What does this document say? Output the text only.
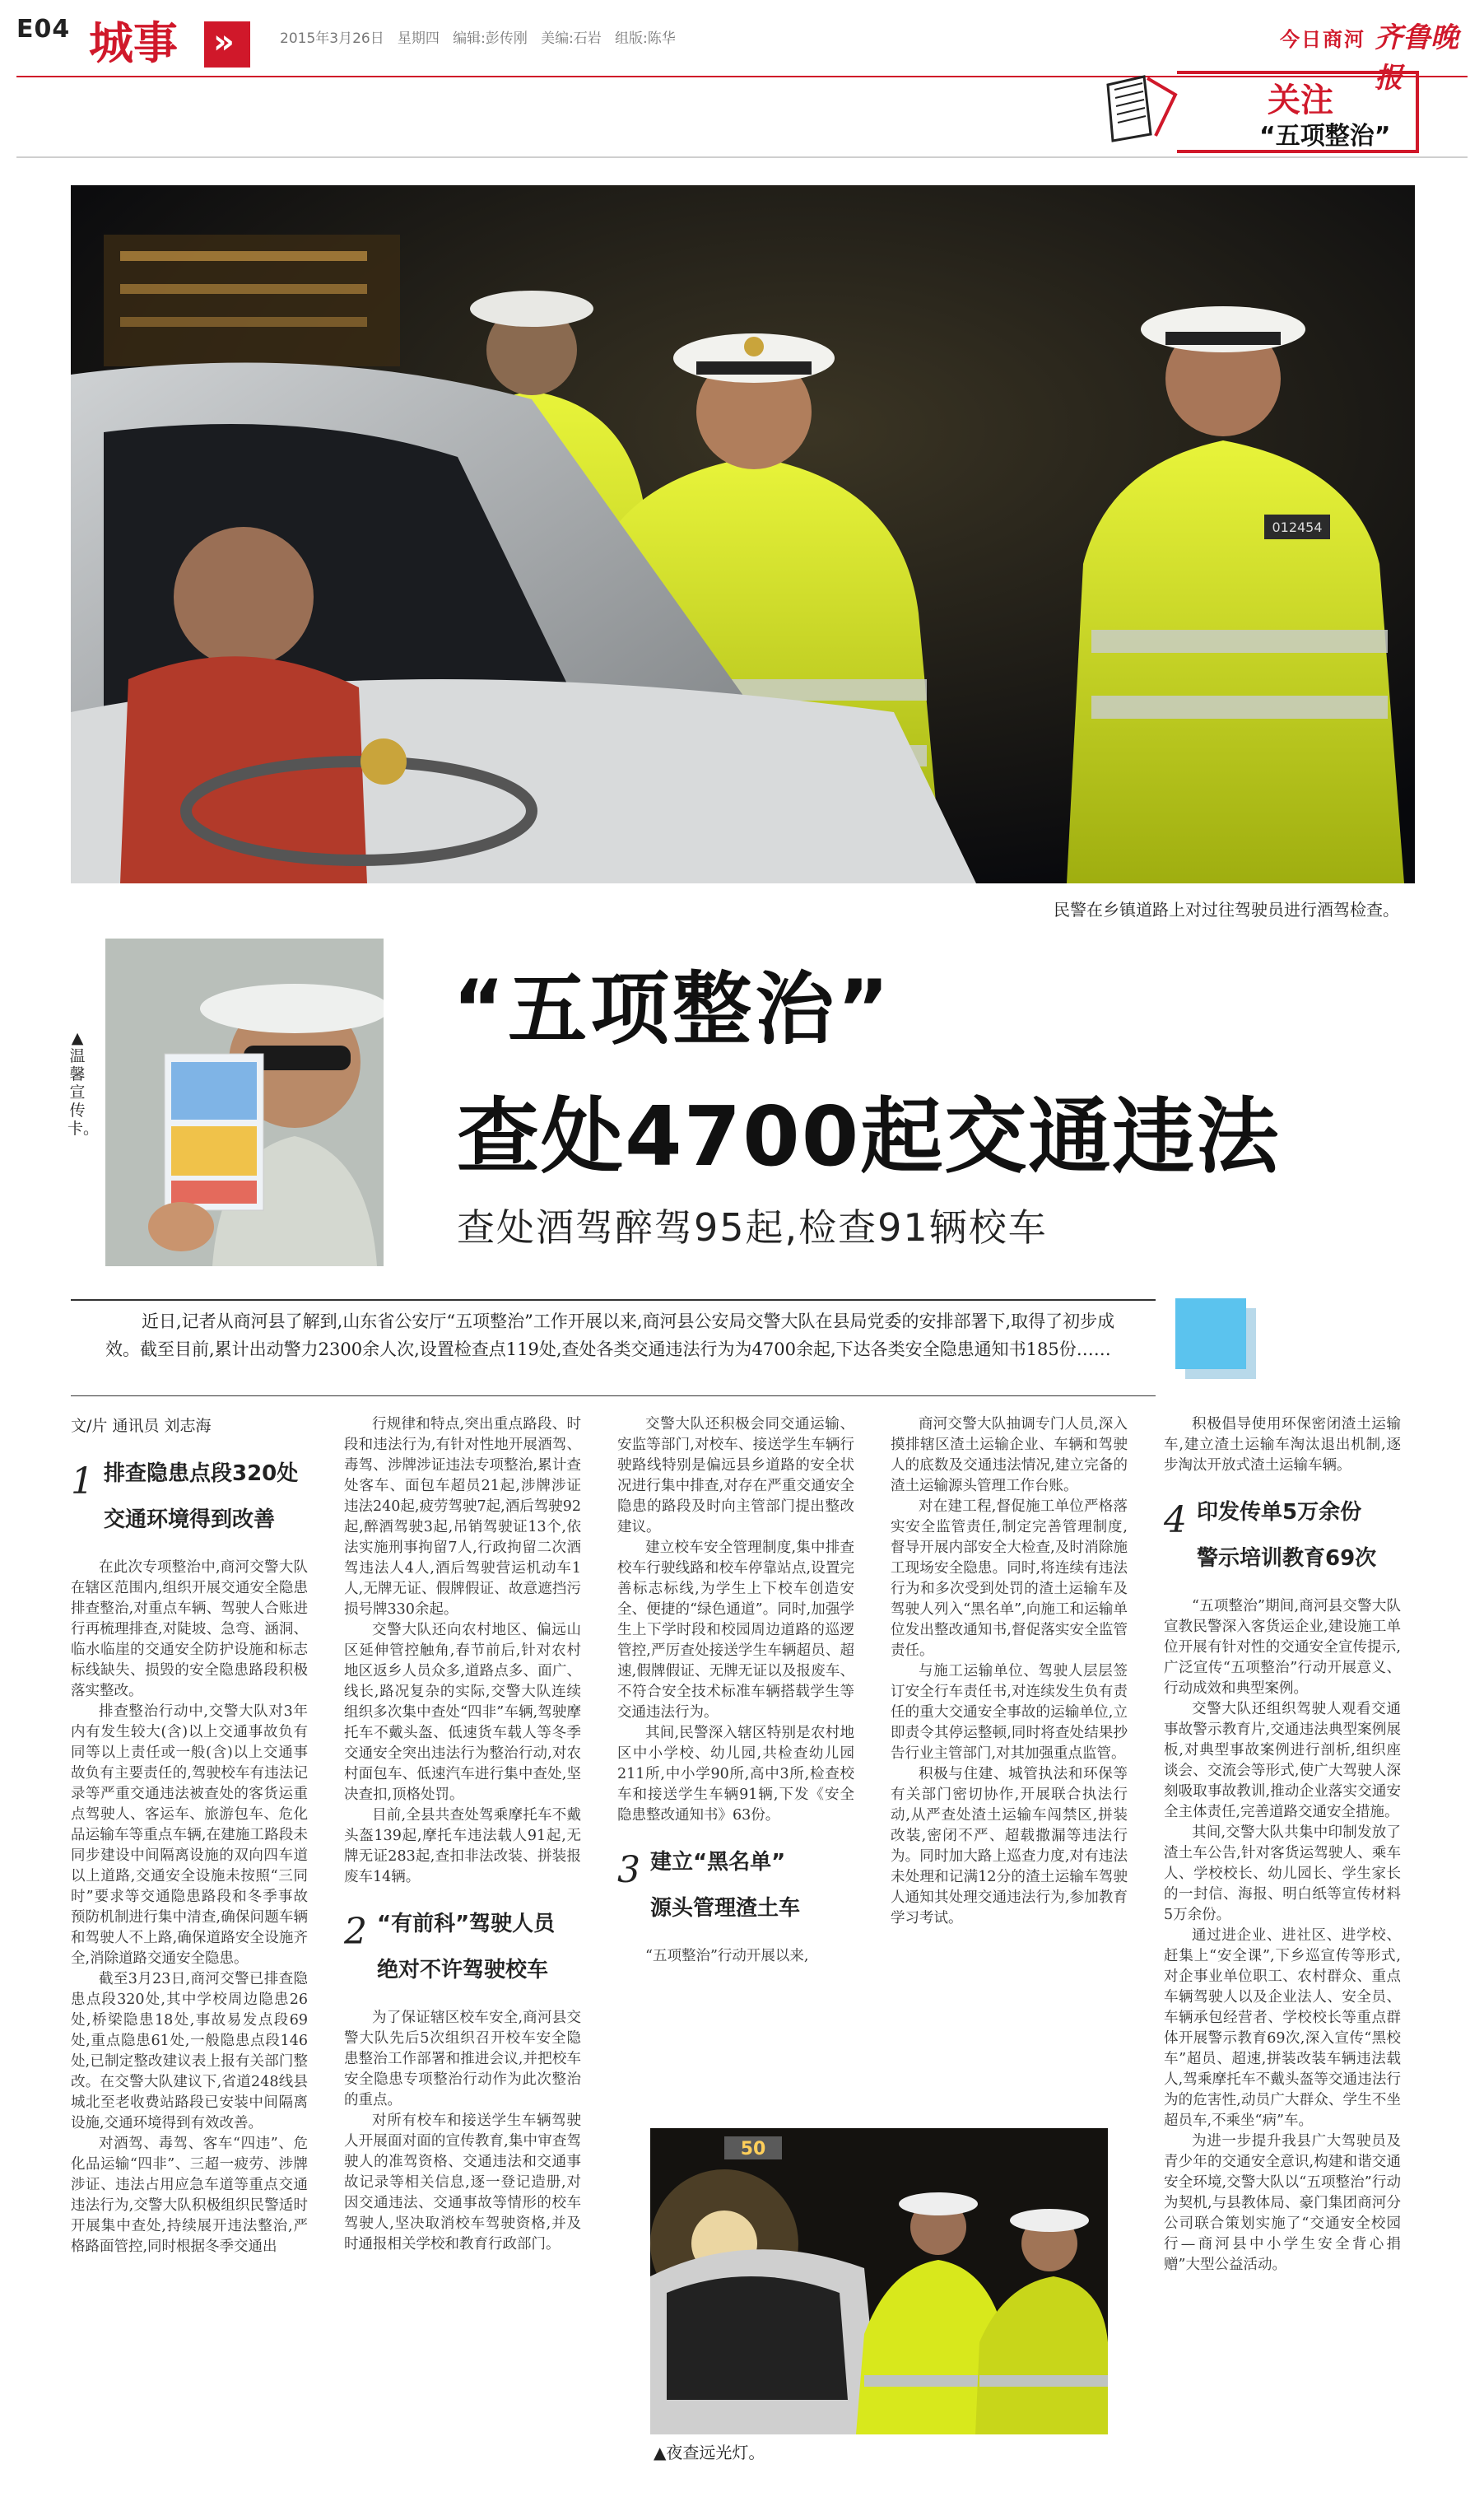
E04 城事 »	2015年3月26日   星期四   编辑:彭传刚   美编:石岩   组版:陈华	今日商河 齐鲁晚报
关注
“五项整治”
012454
民警在乡镇道路上对过往驾驶员进行酒驾检查。
▲温馨宣传卡。
“五项整治”
查处4700起交通违法
查处酒驾醉驾95起,检查91辆校车
近日,记者从商河县了解到,山东省公安厅“五项整治”工作开展以来,商河县公安局交警大队在县局党委的安排部署下,取得了初步成效。截至目前,累计出动警力2300余人次,设置检查点119处,查处各类交通违法行为为4700余起,下达各类安全隐患通知书185份……
文/片 通讯员 刘志海
1 排查隐患点段320处
交通环境得到改善

在此次专项整治中,商河交警大队在辖区范围内,组织开展交通安全隐患排查整治,对重点车辆、驾驶人合账进行再梳理排查,对陡坡、急弯、涵洞、临水临崖的交通安全防护设施和标志标线缺失、损毁的安全隐患路段积极落实整改。

排查整治行动中,交警大队对3年内有发生较大(含)以上交通事故负有同等以上责任或一般(含)以上交通事故负有主要责任的,驾驶校车有违法记录等严重交通违法被查处的客货运重点驾驶人、客运车、旅游包车、危化品运输车等重点车辆,在建施工路段未同步建设中间隔离设施的双向四车道以上道路,交通安全设施未按照“三同时”要求等交通隐患路段和冬季事故预防机制进行集中清查,确保问题车辆和驾驶人不上路,确保道路安全设施齐全,消除道路交通安全隐患。

截至3月23日,商河交警已排查隐患点段320处,其中学校周边隐患26处,桥梁隐患18处,事故易发点段69处,重点隐患61处,一般隐患点段146处,已制定整改建议表上报有关部门整改。在交警大队建议下,省道248线县城北至老收费站路段已安装中间隔离设施,交通环境得到有效改善。

对酒驾、毒驾、客车“四违”、危化品运输“四非”、三超一疲劳、涉牌涉证、违法占用应急车道等重点交通违法行为,交警大队积极组织民警适时开展集中查处,持续展开违法整治,严格路面管控,同时根据冬季交通出

行规律和特点,突出重点路段、时段和违法行为,有针对性地开展酒驾、毒驾、涉牌涉证违法专项整治,累计查处客车、面包车超员21起,涉牌涉证违法240起,疲劳驾驶7起,酒后驾驶92起,醉酒驾驶3起,吊销驾驶证13个,依法实施刑事拘留7人,行政拘留二次酒驾违法人4人,酒后驾驶营运机动车1人,无牌无证、假牌假证、故意遮挡污损号牌330余起。

交警大队还向农村地区、偏远山区延伸管控触角,春节前后,针对农村地区返乡人员众多,道路点多、面广、线长,路况复杂的实际,交警大队连续组织多次集中查处“四非”车辆,驾驶摩托车不戴头盔、低速货车载人等冬季交通安全突出违法行为整治行动,对农村面包车、低速汽车进行集中查处,坚决查扣,顶格处罚。

目前,全县共查处驾乘摩托车不戴头盔139起,摩托车违法载人91起,无牌无证283起,查扣非法改装、拼装报废车14辆。

2 “有前科”驾驶人员
绝对不许驾驶校车

为了保证辖区校车安全,商河县交警大队先后5次组织召开校车安全隐患整治工作部署和推进会议,并把校车安全隐患专项整治行动作为此次整治的重点。

对所有校车和接送学生车辆驾驶人开展面对面的宣传教育,集中审查驾驶人的准驾资格、交通违法和交通事故记录等相关信息,逐一登记造册,对因交通违法、交通事故等情形的校车驾驶人,坚决取消校车驾驶资格,并及时通报相关学校和教育行政部门。

交警大队还积极会同交通运输、安监等部门,对校车、接送学生车辆行驶路线特别是偏远县乡道路的安全状况进行集中排查,对存在严重交通安全隐患的路段及时向主管部门提出整改建议。

建立校车安全管理制度,集中排查校车行驶线路和校车停靠站点,设置完善标志标线,为学生上下校车创造安全、便捷的“绿色通道”。同时,加强学生上下学时段和校园周边道路的巡逻管控,严厉查处接送学生车辆超员、超速,假牌假证、无牌无证以及报废车、不符合安全技术标准车辆搭载学生等交通违法行为。

其间,民警深入辖区特别是农村地区中小学校、幼儿园,共检查幼儿园211所,中小学90所,高中3所,检查校车和接送学生车辆91辆,下发《安全隐患整改通知书》63份。

3 建立“黑名单”
源头管理渣土车

“五项整治”行动开展以来,

商河交警大队抽调专门人员,深入摸排辖区渣土运输企业、车辆和驾驶人的底数及交通违法情况,建立完备的渣土运输源头管理工作台账。

对在建工程,督促施工单位严格落实安全监管责任,制定完善管理制度,督导开展内部安全大检查,及时消除施工现场安全隐患。同时,将连续有违法行为和多次受到处罚的渣土运输车及驾驶人列入“黑名单”,向施工和运输单位发出整改通知书,督促落实安全监管责任。

与施工运输单位、驾驶人层层签订安全行车责任书,对连续发生负有责任的重大交通安全事故的运输单位,立即责令其停运整顿,同时将查处结果抄告行业主管部门,对其加强重点监管。

积极与住建、城管执法和环保等有关部门密切协作,开展联合执法行动,从严查处渣土运输车闯禁区,拼装改装,密闭不严、超载撒漏等违法行为。同时加大路上巡查力度,对有违法未处理和记满12分的渣土运输车驾驶人通知其处理交通违法行为,参加教育学习考试。

积极倡导使用环保密闭渣土运输车,建立渣土运输车淘汰退出机制,逐步淘汰开放式渣土运输车辆。

4 印发传单5万余份
警示培训教育69次

“五项整治”期间,商河县交警大队宣教民警深入客货运企业,建设施工单位开展有针对性的交通安全宣传提示,广泛宣传“五项整治”行动开展意义、行动成效和典型案例。

交警大队还组织驾驶人观看交通事故警示教育片,交通违法典型案例展板,对典型事故案例进行剖析,组织座谈会、交流会等形式,使广大驾驶人深刻吸取事故教训,推动企业落实交通安全主体责任,完善道路交通安全措施。

其间,交警大队共集中印制发放了渣土车公告,针对客货运驾驶人、乘车人、学校校长、幼儿园长、学生家长的一封信、海报、明白纸等宣传材料5万余份。

通过进企业、进社区、进学校、赶集上“安全课”,下乡巡宣传等形式,对企事业单位职工、农村群众、重点车辆驾驶人以及企业法人、安全员、车辆承包经营者、学校校长等重点群体开展警示教育69次,深入宣传“黑校车”超员、超速,拼装改装车辆违法载人,驾乘摩托车不戴头盔等交通违法行为的危害性,动员广大群众、学生不坐超员车,不乘坐“病”车。

为进一步提升我县广大驾驶员及青少年的交通安全意识,构建和谐交通安全环境,交警大队以“五项整治”行动为契机,与县教体局、豪门集团商河分公司联合策划实施了“交通安全校园行—商河县中小学生安全背心捐赠”大型公益活动。

50
▲夜查远光灯。
